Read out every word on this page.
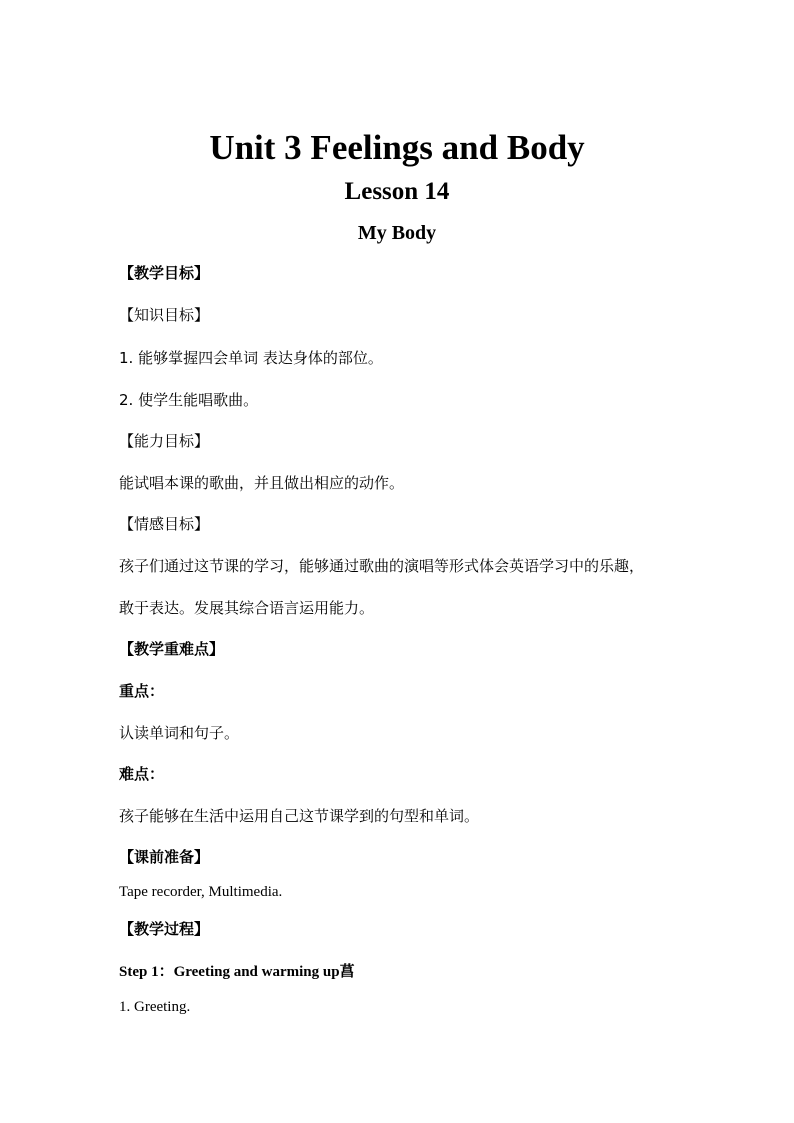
Unit 3 Feelings and Body
Lesson 14
My Body
【教学目标】
【知识目标】
1. 能够掌握四会单词 表达身体的部位。
2. 使学生能唱歌曲。
【能力目标】
能试唱本课的歌曲，并且做出相应的动作。
【情感目标】
孩子们通过这节课的学习，能够通过歌曲的演唱等形式体会英语学习中的乐趣，
敢于表达。发展其综合语言运用能力。
【教学重难点】
重点：
认读单词和句子。
难点：
孩子能够在生活中运用自己这节课学到的句型和单词。
【课前准备】
Tape recorder, Multimedia.
【教学过程】
Step 1：Greeting and warming up菖
1. Greeting.
